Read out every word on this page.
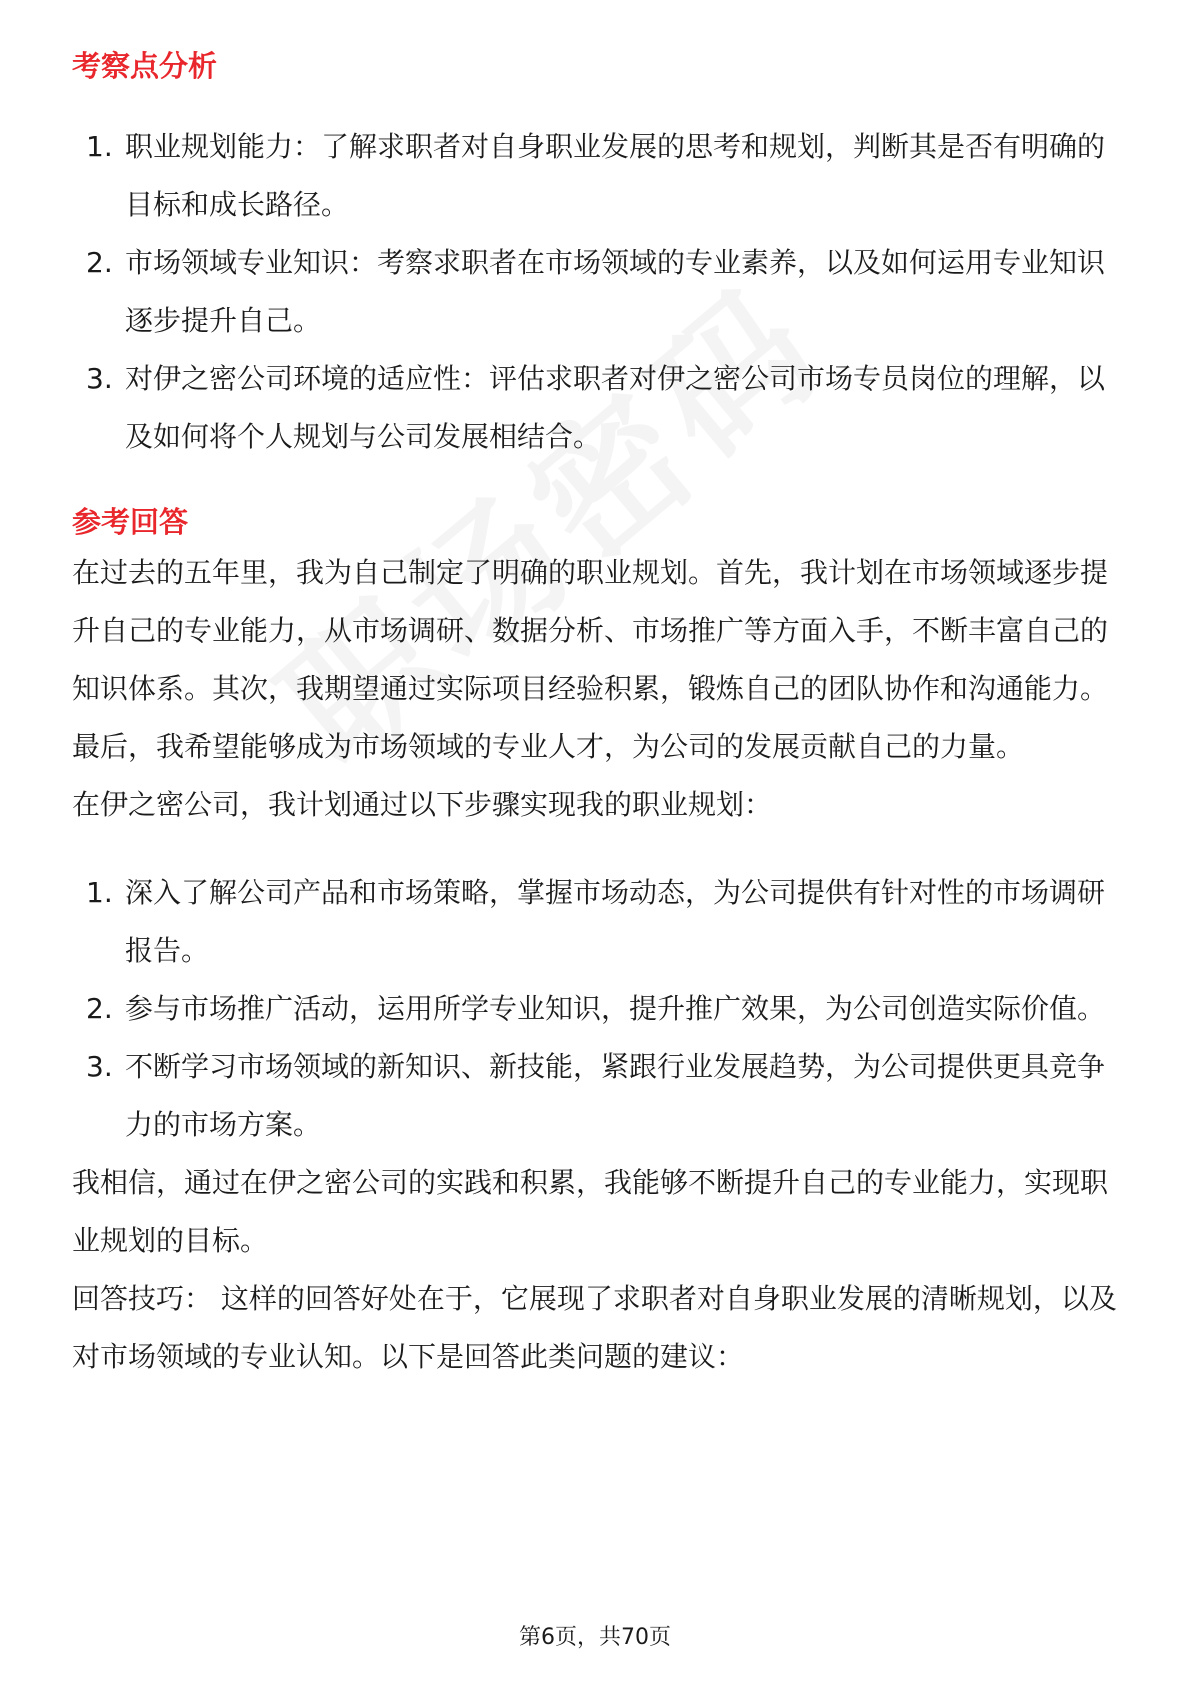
考察点分析
1. 职业规划能力：了解求职者对自身职业发展的思考和规划，判断其是否有明确的目标和成长路径。
2. 市场领域专业知识：考察求职者在市场领域的专业素养，以及如何运用专业知识逐步提升自己。
3. 对伊之密公司环境的适应性：评估求职者对伊之密公司市场专员岗位的理解，以及如何将个人规划与公司发展相结合。
参考回答

在过去的五年里，我为自己制定了明确的职业规划。首先，我计划在市场领域逐步提升自己的专业能力，从市场调研、数据分析、市场推广等方面入手，不断丰富自己的知识体系。其次，我期望通过实际项目经验积累，锻炼自己的团队协作和沟通能力。最后，我希望能够成为市场领域的专业人才，为公司的发展贡献自己的力量。

在伊之密公司，我计划通过以下步骤实现我的职业规划：

1. 深入了解公司产品和市场策略，掌握市场动态，为公司提供有针对性的市场调研报告。
2. 参与市场推广活动，运用所学专业知识，提升推广效果，为公司创造实际价值。
3. 不断学习市场领域的新知识、新技能，紧跟行业发展趋势，为公司提供更具竞争力的市场方案。

我相信，通过在伊之密公司的实践和积累，我能够不断提升自己的专业能力，实现职业规划的目标。

回答技巧： 这样的回答好处在于，它展现了求职者对自身职业发展的清晰规划，以及对市场领域的专业认知。以下是回答此类问题的建议：

第6页，共70页
